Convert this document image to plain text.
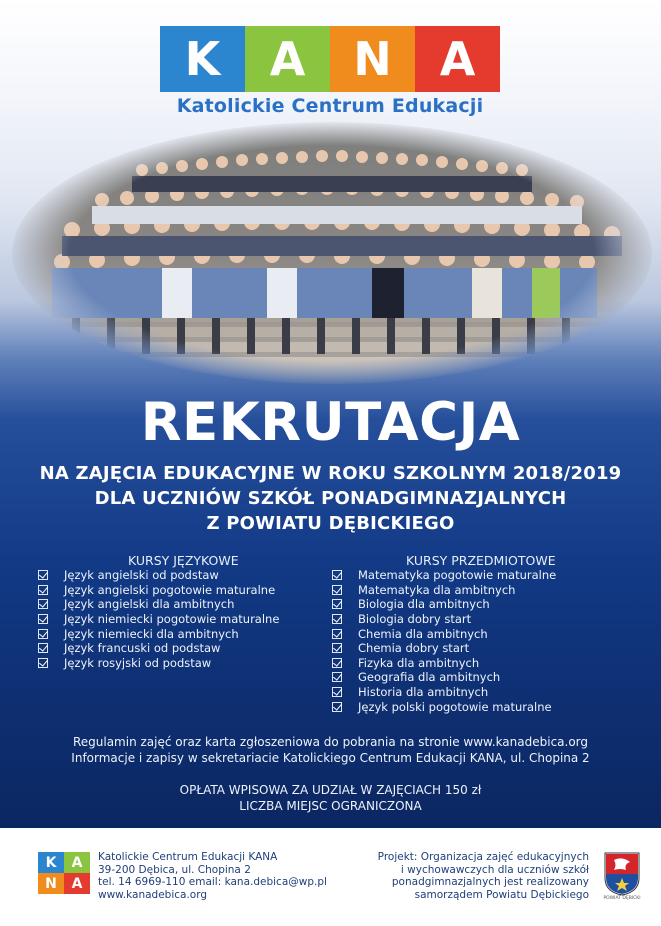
K	A	N	A
Katolickie Centrum Edukacji
REKRUTACJA
NA ZAJĘCIA EDUKACYJNE W ROKU SZKOLNYM 2018/2019
DLA UCZNIÓW SZKÓŁ PONADGIMNAZJALNYCH
Z POWIATU DĘBICKIEGO
KURSY JĘZYKOWE
Język angielski od podstaw
Język angielski pogotowie maturalne
Język angielski dla ambitnych
Język niemiecki pogotowie maturalne
Język niemiecki dla ambitnych
Język francuski od podstaw
Język rosyjski od podstaw
KURSY PRZEDMIOTOWE
Matematyka pogotowie maturalne
Matematyka dla ambitnych
Biologia dla ambitnych
Biologia dobry start
Chemia dla ambitnych
Chemia dobry start
Fizyka dla ambitnych
Geografia dla ambitnych
Historia dla ambitnych
Język polski pogotowie maturalne
Regulamin zajęć oraz karta zgłoszeniowa do pobrania na stronie www.kanadebica.org
Informacje i zapisy w sekretariacie Katolickiego Centrum Edukacji KANA, ul. Chopina 2
OPŁATA WPISOWA ZA UDZIAŁ W ZAJĘCIACH 150 zł
LICZBA MIEJSC OGRANICZONA
K	A
N	A
Katolickie Centrum Edukacji KANA
39-200 Dębica, ul. Chopina 2
tel. 14 6969-110 email: kana.debica@wp.pl
www.kanadebica.org
Projekt: Organizacja zajęć edukacyjnych
i wychowawczych dla uczniów szkół
ponadgimnazjalnych jest realizowany
samorządem Powiatu Dębickiego	POWIAT DĘBICKI
